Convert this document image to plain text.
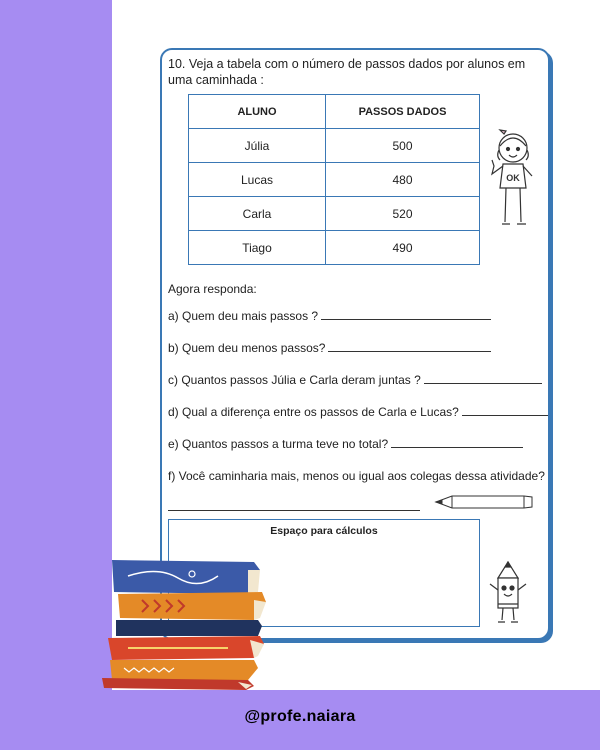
10. Veja a tabela com o número de passos dados por alunos em uma caminhada :
ALUNO	PASSOS DADOS
Júlia	500
Lucas	480
Carla	520
Tiago	490
OK
Agora responda:
a) Quem deu mais passos ?
b) Quem deu menos passos?
c) Quantos passos Júlia e Carla deram juntas ?
d) Qual a diferença entre os passos de Carla e Lucas?
e) Quantos passos a turma teve no total?
f) Você caminharia mais, menos ou igual aos colegas dessa atividade?
Espaço para cálculos
@profe.naiara
